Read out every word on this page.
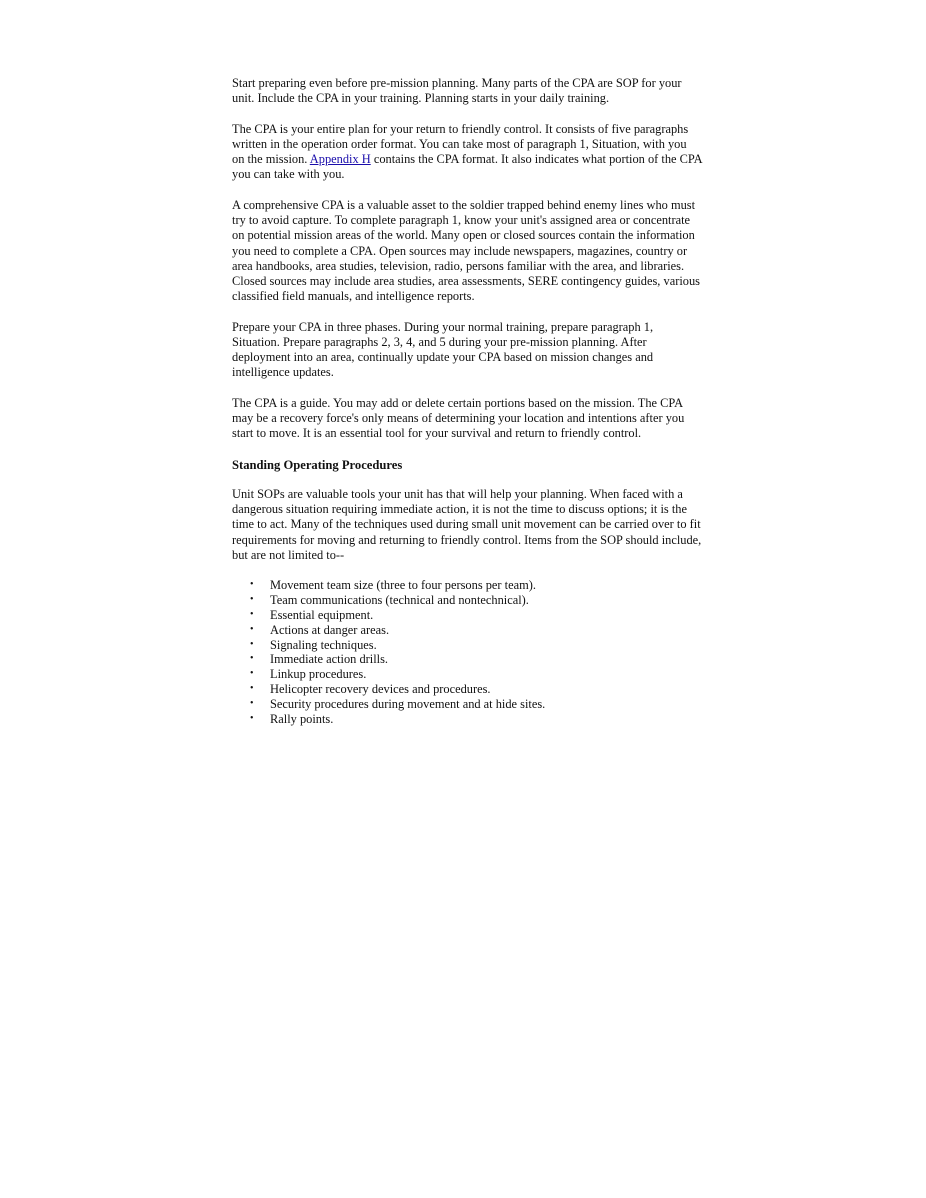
Start preparing even before pre-mission planning. Many parts of the CPA are SOP for your unit. Include the CPA in your training. Planning starts in your daily training.

The CPA is your entire plan for your return to friendly control. It consists of five paragraphs written in the operation order format. You can take most of paragraph 1, Situation, with you on the mission. Appendix H contains the CPA format. It also indicates what portion of the CPA you can take with you.

A comprehensive CPA is a valuable asset to the soldier trapped behind enemy lines who must try to avoid capture. To complete paragraph 1, know your unit's assigned area or concentrate on potential mission areas of the world. Many open or closed sources contain the information you need to complete a CPA. Open sources may include newspapers, magazines, country or area handbooks, area studies, television, radio, persons familiar with the area, and libraries. Closed sources may include area studies, area assessments, SERE contingency guides, various classified field manuals, and intelligence reports.

Prepare your CPA in three phases. During your normal training, prepare paragraph 1, Situation. Prepare paragraphs 2, 3, 4, and 5 during your pre-mission planning. After deployment into an area, continually update your CPA based on mission changes and intelligence updates.

The CPA is a guide. You may add or delete certain portions based on the mission. The CPA may be a recovery force's only means of determining your location and intentions after you start to move. It is an essential tool for your survival and return to friendly control.

Standing Operating Procedures

Unit SOPs are valuable tools your unit has that will help your planning. When faced with a dangerous situation requiring immediate action, it is not the time to discuss options; it is the time to act. Many of the techniques used during small unit movement can be carried over to fit requirements for moving and returning to friendly control. Items from the SOP should include, but are not limited to--

• Movement team size (three to four persons per team).
• Team communications (technical and nontechnical).
• Essential equipment.
• Actions at danger areas.
• Signaling techniques.
• Immediate action drills.
• Linkup procedures.
• Helicopter recovery devices and procedures.
• Security procedures during movement and at hide sites.
• Rally points.
